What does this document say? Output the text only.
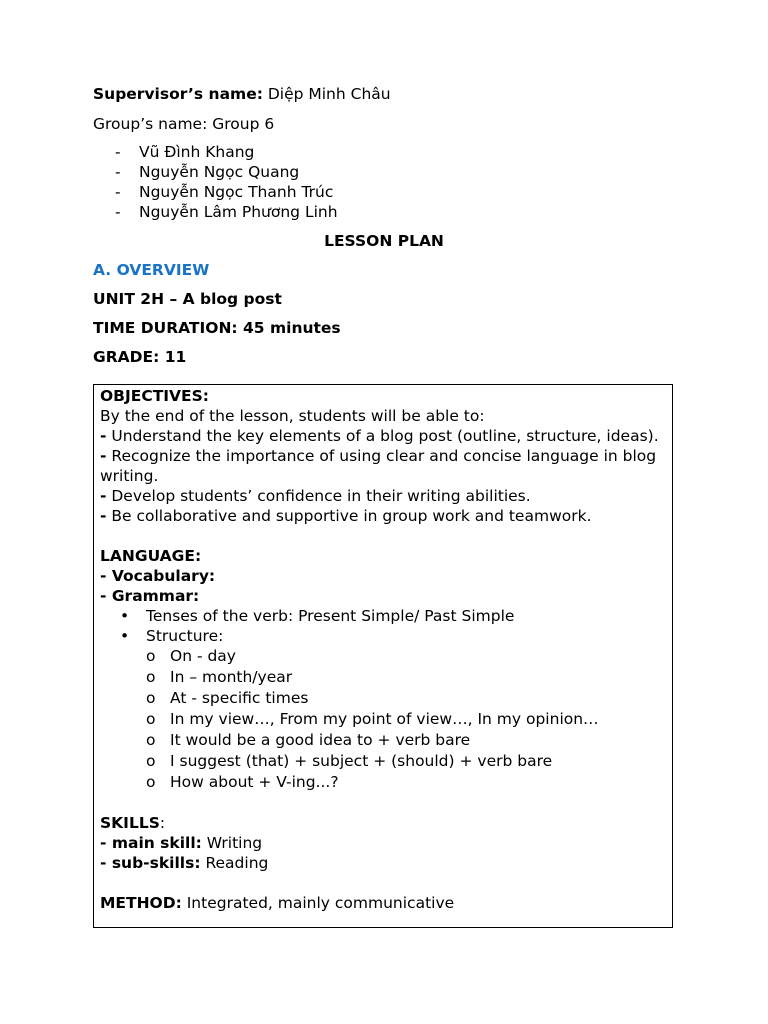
Supervisor’s name: Diệp Minh Châu
Group’s name: Group 6
- Vũ Đình Khang
- Nguyễn Ngọc Quang
- Nguyễn Ngọc Thanh Trúc
- Nguyễn Lâm Phương Linh
LESSON PLAN
A. OVERVIEW
UNIT 2H – A blog post
TIME DURATION: 45 minutes
GRADE: 11
OBJECTIVES:
By the end of the lesson, students will be able to:
- Understand the key elements of a blog post (outline, structure, ideas).
- Recognize the importance of using clear and concise language in blog writing.
- Develop students’ confidence in their writing abilities.
- Be collaborative and supportive in group work and teamwork.
LANGUAGE:
- Vocabulary:
- Grammar:
• Tenses of the verb: Present Simple/ Past Simple
• Structure:
o On - day
o In – month/year
o At - specific times
o In my view…, From my point of view…, In my opinion…
o It would be a good idea to + verb bare
o I suggest (that) + subject + (should) + verb bare
o How about + V-ing...?
SKILLS:
- main skill: Writing
- sub-skills: Reading
METHOD: Integrated, mainly communicative
